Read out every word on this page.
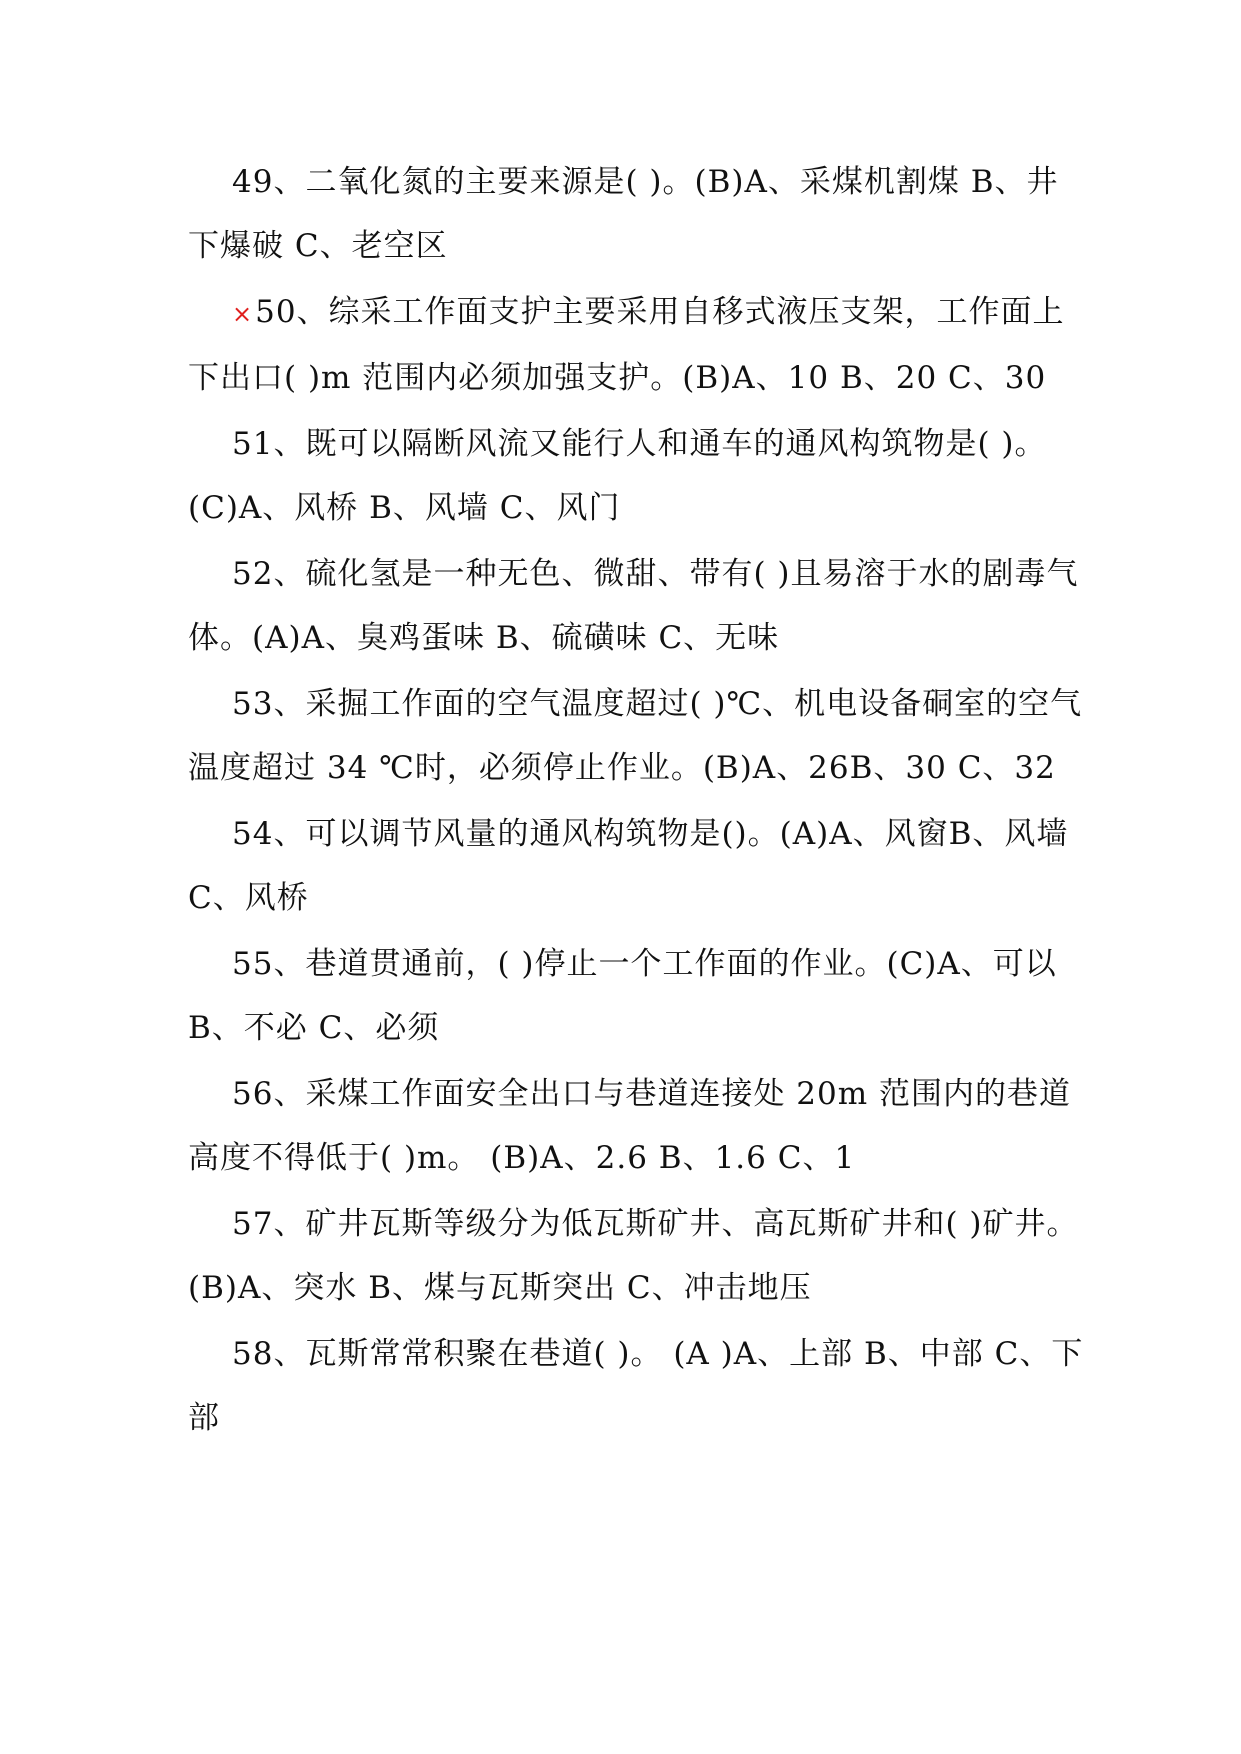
49、二氧化氮的主要来源是( )。(B)A、采煤机割煤 B、井下爆破 C、老空区

×50、综采工作面支护主要采用自移式液压支架，工作面上下出口( )m 范围内必须加强支护。(B)A、10 B、20 C、30

51、既可以隔断风流又能行人和通车的通风构筑物是( )。(C)A、风桥 B、风墙 C、风门

52、硫化氢是一种无色、微甜、带有( )且易溶于水的剧毒气体。(A)A、臭鸡蛋味 B、硫磺味 C、无味

53、采掘工作面的空气温度超过( )℃、机电设备硐室的空气温度超过 34 ℃时，必须停止作业。(B)A、26B、30 C、32

54、可以调节风量的通风构筑物是()。(A)A、风窗B、风墙 C、风桥

55、巷道贯通前，( )停止一个工作面的作业。(C)A、可以 B、不必 C、必须

56、采煤工作面安全出口与巷道连接处 20m 范围内的巷道高度不得低于( )m。 (B)A、2.6 B、1.6 C、1

57、矿井瓦斯等级分为低瓦斯矿井、高瓦斯矿井和( )矿井。(B)A、突水 B、煤与瓦斯突出 C、冲击地压

58、瓦斯常常积聚在巷道( )。 (A )A、上部 B、中部 C、下部
